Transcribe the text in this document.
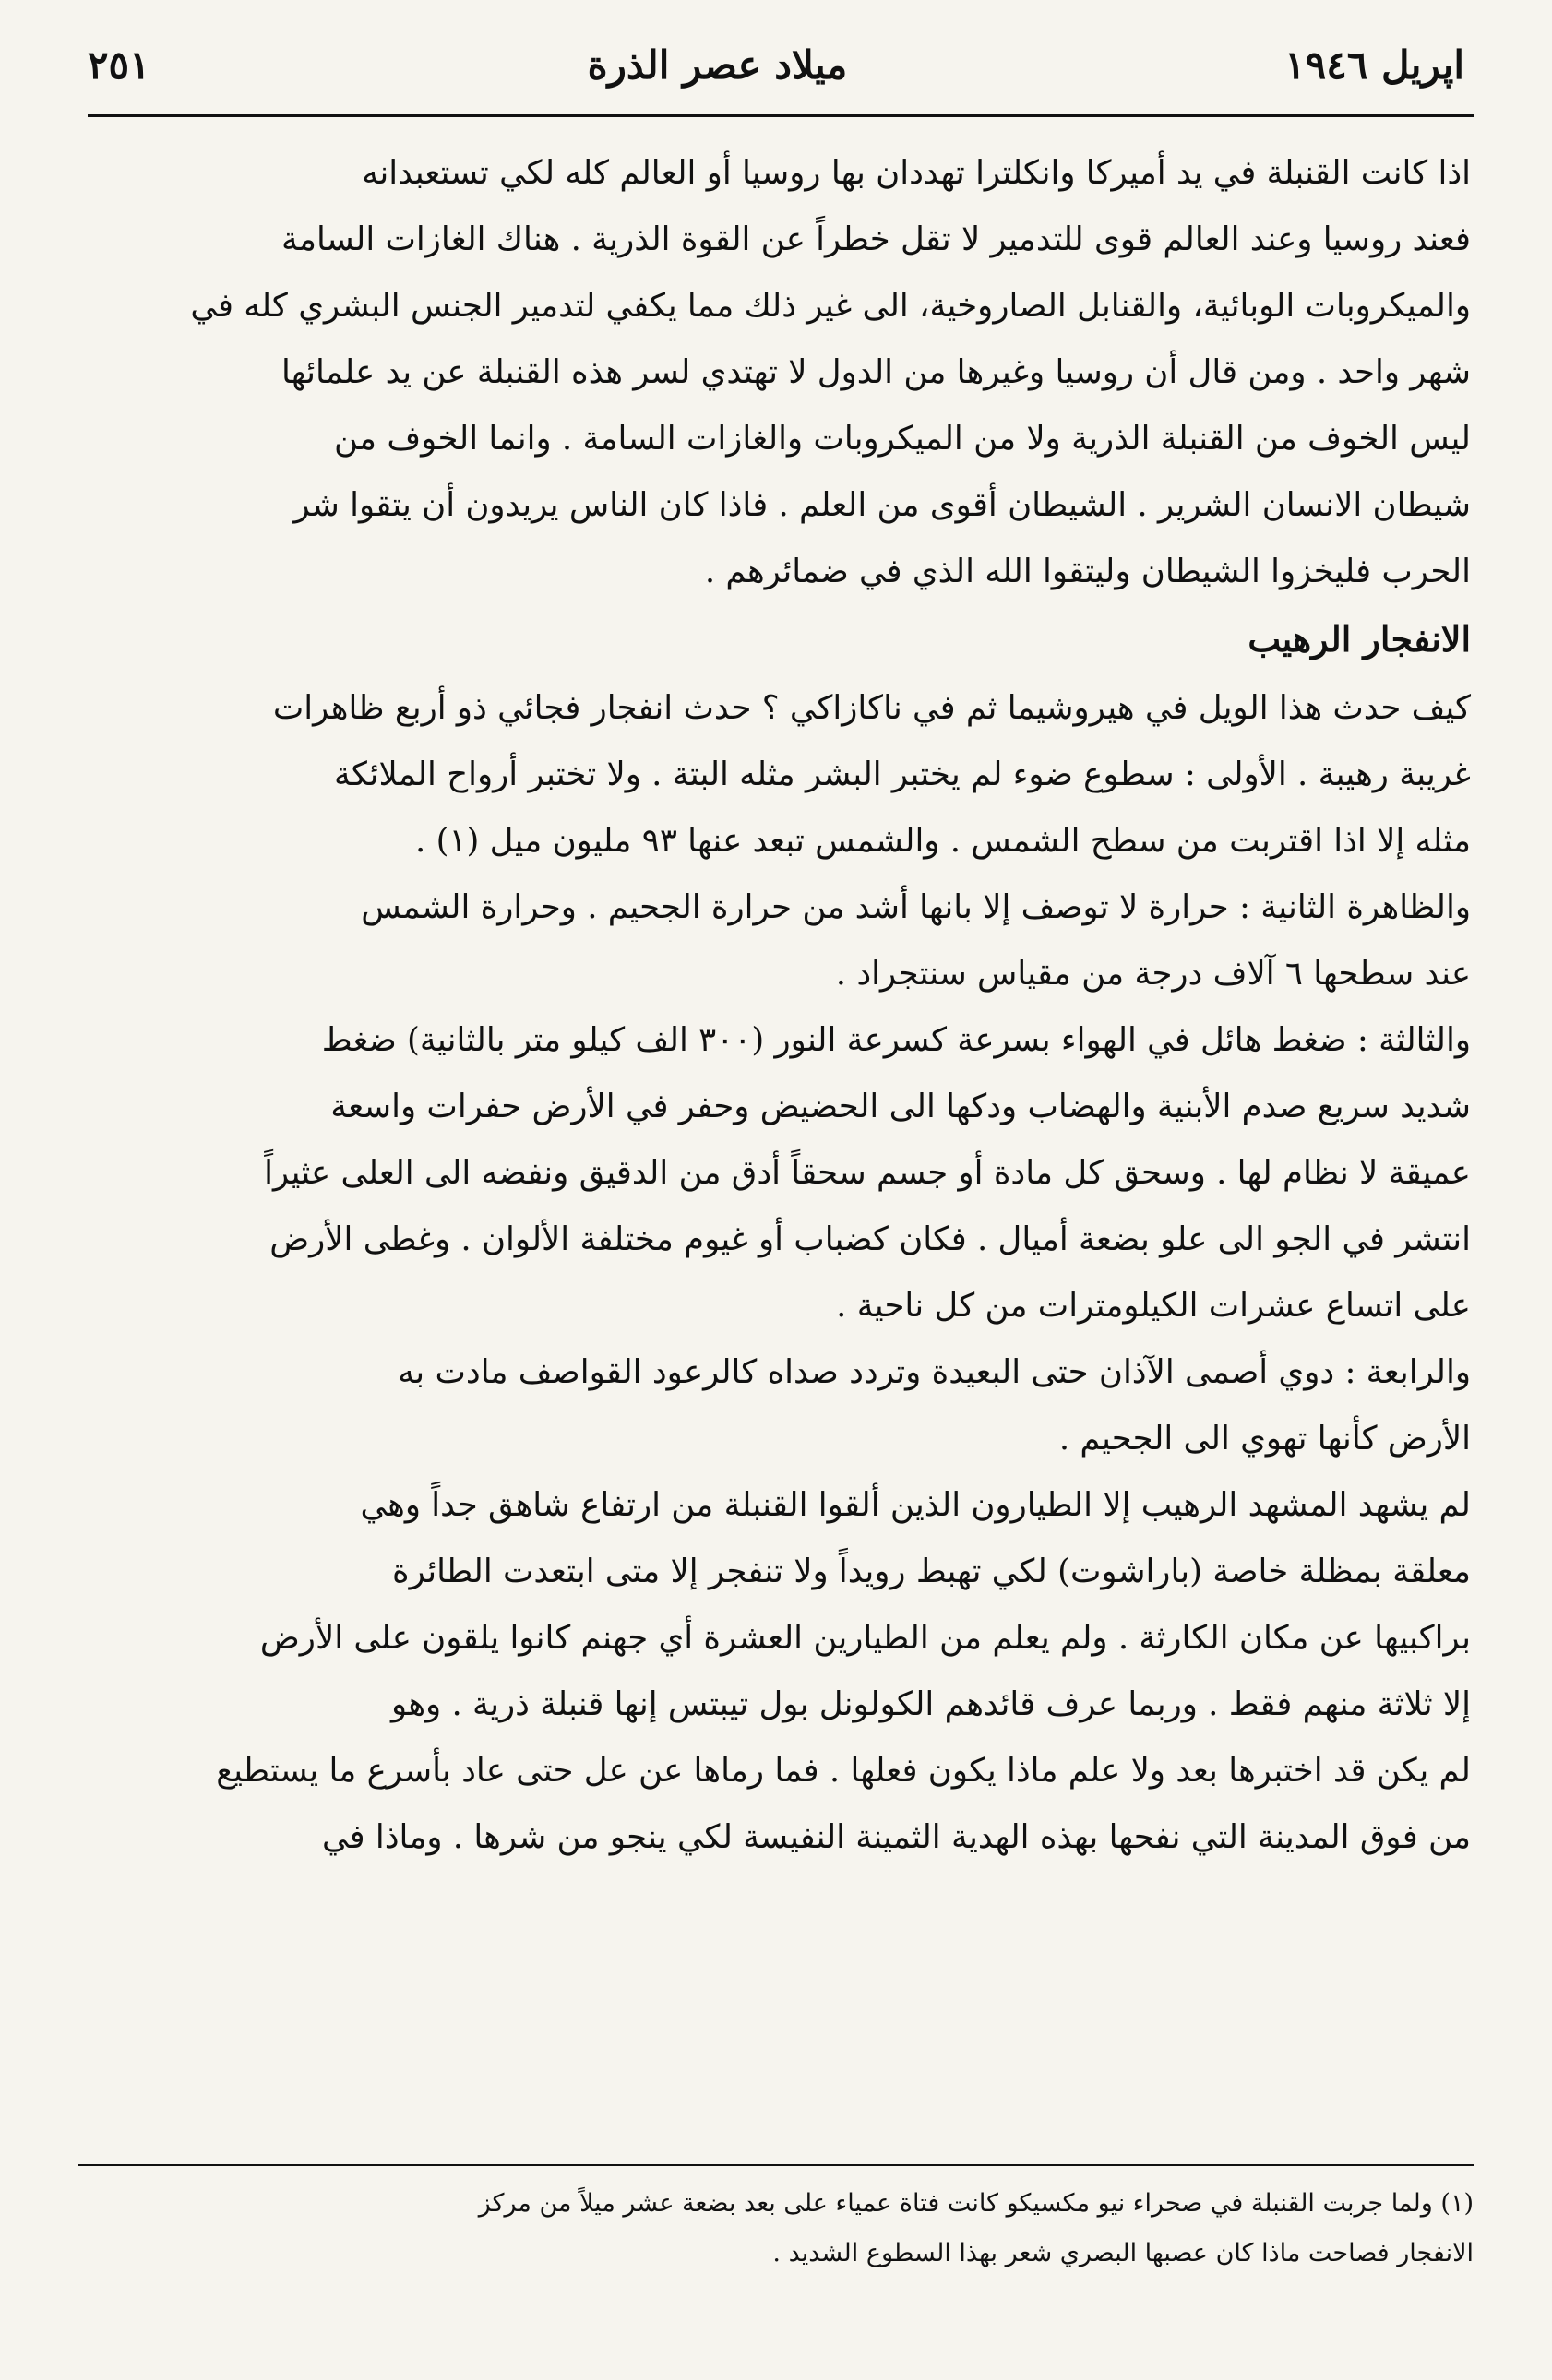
اپريل ١٩٤٦
ميلاد عصر الذرة
٢٥١

اذا كانت القنبلة في يد أميركا وانكلترا تهددان بها روسيا أو العالم كله لكي تستعبدانه
فعند روسيا وعند العالم قوى للتدمير لا تقل خطراً عن القوة الذرية . هناك الغازات السامة
والميكروبات الوبائية، والقنابل الصاروخية، الى غير ذلك مما يكفي لتدمير الجنس البشري كله في
شهر واحد . ومن قال أن روسيا وغيرها من الدول لا تهتدي لسر هذه القنبلة عن يد علمائها

ليس الخوف من القنبلة الذرية ولا من الميكروبات والغازات السامة . وانما الخوف من
شيطان الانسان الشرير . الشيطان أقوى من العلم . فاذا كان الناس يريدون أن يتقوا شر
الحرب فليخزوا الشيطان وليتقوا الله الذي في ضمائرهم .

الانفجار الرهيب

كيف حدث هذا الويل في هيروشيما ثم في ناكازاكي ؟ حدث انفجار فجائي ذو أربع ظاهرات
غريبة رهيبة . الأولى : سطوع ضوء لم يختبر البشر مثله البتة . ولا تختبر أرواح الملائكة
مثله إلا اذا اقتربت من سطح الشمس . والشمس تبعد عنها ٩٣ مليون ميل (١) .

والظاهرة الثانية : حرارة لا توصف إلا بانها أشد من حرارة الجحيم . وحرارة الشمس
عند سطحها ٦ آلاف درجة من مقياس سنتجراد .

والثالثة : ضغط هائل في الهواء بسرعة كسرعة النور (٣٠٠ الف كيلو متر بالثانية) ضغط
شديد سريع صدم الأبنية والهضاب ودكها الى الحضيض وحفر في الأرض حفرات واسعة
عميقة لا نظام لها . وسحق كل مادة أو جسم سحقاً أدق من الدقيق ونفضه الى العلى عثيراً
انتشر في الجو الى علو بضعة أميال . فكان كضباب أو غيوم مختلفة الألوان . وغطى الأرض
على اتساع عشرات الكيلومترات من كل ناحية .

والرابعة : دوي أصمى الآذان حتى البعيدة وتردد صداه كالرعود القواصف مادت به
الأرض كأنها تهوي الى الجحيم .

لم يشهد المشهد الرهيب إلا الطيارون الذين ألقوا القنبلة من ارتفاع شاهق جداً وهي
معلقة بمظلة خاصة (باراشوت) لكي تهبط رويداً ولا تنفجر إلا متى ابتعدت الطائرة
براكبيها عن مكان الكارثة . ولم يعلم من الطيارين العشرة أي جهنم كانوا يلقون على الأرض
إلا ثلاثة منهم فقط . وربما عرف قائدهم الكولونل بول تيبتس إنها قنبلة ذرية . وهو
لم يكن قد اختبرها بعد ولا علم ماذا يكون فعلها . فما رماها عن عل حتى عاد بأسرع ما يستطيع
من فوق المدينة التي نفحها بهذه الهدية الثمينة النفيسة لكي ينجو من شرها . وماذا في

(١) ولما جربت القنبلة في صحراء نيو مكسيكو كانت فتاة عمياء على بعد بضعة عشر ميلاً من مركز
الانفجار فصاحت ماذا كان عصبها البصري شعر بهذا السطوع الشديد .
